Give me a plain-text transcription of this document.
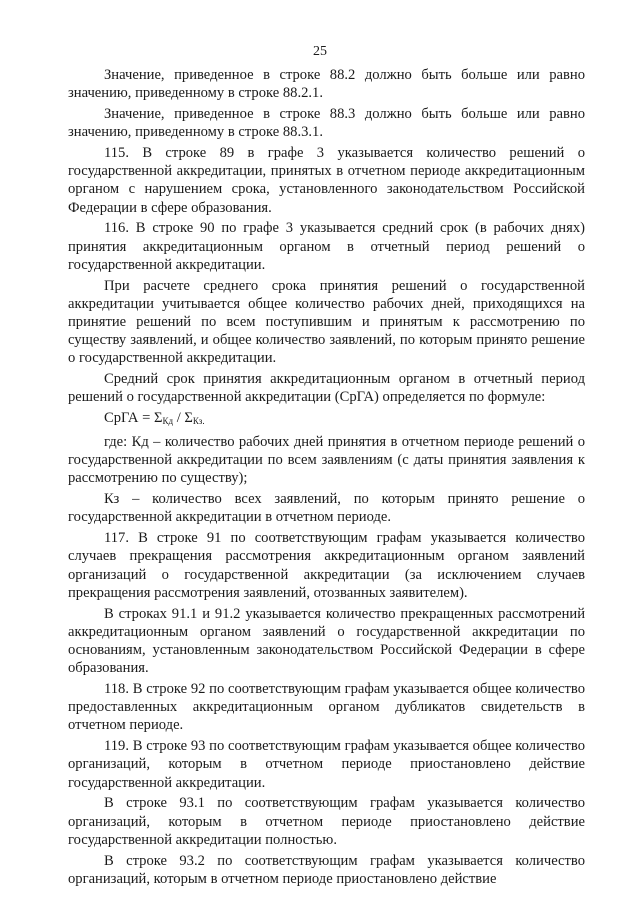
25

Значение, приведенное в строке 88.2 должно быть больше или равно значению, приведенному в строке 88.2.1.

Значение, приведенное в строке 88.3 должно быть больше или равно значению, приведенному в строке 88.3.1.

115. В строке 89 в графе 3 указывается количество решений о государственной аккредитации, принятых в отчетном периоде аккредитационным органом с нарушением срока, установленного законодательством Российской Федерации в сфере образования.

116. В строке 90 по графе 3 указывается средний срок (в рабочих днях) принятия аккредитационным органом в отчетный период решений о государственной аккредитации.

При расчете среднего срока принятия решений о государственной аккредитации учитывается общее количество рабочих дней, приходящихся на принятие решений по всем поступившим и принятым к рассмотрению по существу заявлений, и общее количество заявлений, по которым принято решение о государственной аккредитации.

Средний срок принятия аккредитационным органом в отчетный период решений о государственной аккредитации (СрГА) определяется по формуле:

СрГА = $\Sigma_{Кд} / \Sigma_{Кз.}$

где: Кд – количество рабочих дней принятия в отчетном периоде решений о государственной аккредитации по всем заявлениям (с даты принятия заявления к рассмотрению по существу);

Кз – количество всех заявлений, по которым принято решение о государственной аккредитации в отчетном периоде.

117. В строке 91 по соответствующим графам указывается количество случаев прекращения рассмотрения аккредитационным органом заявлений организаций о государственной аккредитации (за исключением случаев прекращения рассмотрения заявлений, отозванных заявителем).

В строках 91.1 и 91.2 указывается количество прекращенных рассмотрений аккредитационным органом заявлений о государственной аккредитации по основаниям, установленным законодательством Российской Федерации в сфере образования.

118. В строке 92 по соответствующим графам указывается общее количество предоставленных аккредитационным органом дубликатов свидетельств в отчетном периоде.

119. В строке 93 по соответствующим графам указывается общее количество организаций, которым в отчетном периоде приостановлено действие государственной аккредитации.

В строке 93.1 по соответствующим графам указывается количество организаций, которым в отчетном периоде приостановлено действие государственной аккредитации полностью.

В строке 93.2 по соответствующим графам указывается количество организаций, которым в отчетном периоде приостановлено действие
